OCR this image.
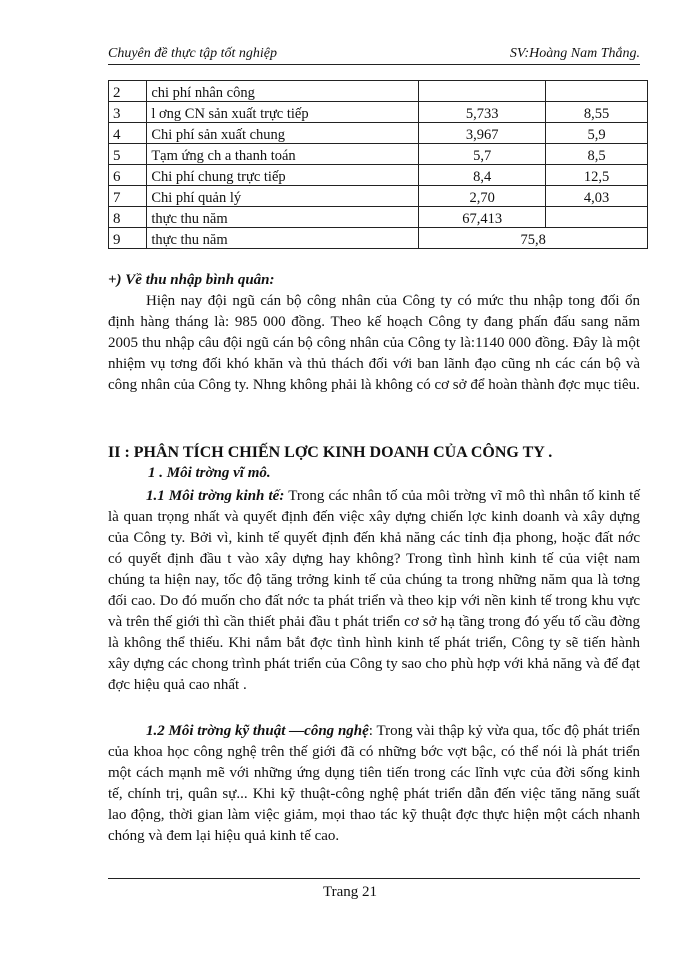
Chuyên đề thực tập tốt nghiệp	SV:Hoàng Nam Thắng.
2	chi phí nhân công		
3	l ơng CN sản xuất trực tiếp	5,733	8,55
4	Chi phí sản xuất chung	3,967	5,9
5	Tạm ứng ch a thanh toán	5,7	8,5
6	Chi phí chung trực tiếp	8,4	12,5
7	Chi phí quản lý	2,70	4,03
8	thực thu năm	67,413	
9	thực thu năm	75,8	
+) Về thu nhập bình quân:
Hiện nay đội ngũ cán bộ công nhân của Công ty có mức thu nhập tong đối ổn định hàng tháng là: 985 000 đồng. Theo kế hoạch Công ty đang phấn đấu sang năm 2005 thu nhập câu đội ngũ cán bộ công nhân của Công ty là:1140 000 đồng. Đây là một nhiệm vụ tơng đối khó khăn và thủ thách đối với ban lãnh đạo cũng nh các cán bộ và công nhân của Công ty. Nhng không phải là không có cơ sở để hoàn thành đợc mục tiêu.
II : PHÂN TÍCH CHIẾN LỢC KINH DOANH CỦA CÔNG TY .
1 . Môi trờng vĩ mô.
1.1 Môi trờng kinh tế: Trong các nhân tố của môi trờng vĩ mô thì nhân tố kinh tế là quan trọng nhất và quyết định đến việc xây dựng chiến lợc kinh doanh và xây dựng của Công ty. Bởi vì, kinh tế quyết định đến khả năng các tỉnh địa phong, hoặc đất nớc có quyết định đầu t vào xây dựng hay không? Trong tình hình kinh tế của việt nam chúng ta hiện nay, tốc độ tăng trởng kinh tế của chúng ta trong những năm qua là tơng đối cao. Do đó muốn cho đất nớc ta phát triển và theo kịp với nền kinh tế trong khu vực và trên thế giới thì cần thiết phải đầu t phát triển cơ sở hạ tầng trong đó yếu tố cầu đờng là không thể thiếu. Khi nắm bắt đợc tình hình kinh tế phát triển, Công ty sẽ tiến hành xây dựng các chong trình phát triển của Công ty sao cho phù hợp với khả năng và để đạt đợc hiệu quả cao nhất .
1.2 Môi trờng kỹ thuật —công nghệ: Trong vài thập kỷ vừa qua, tốc độ phát triển của khoa học công nghệ trên thế giới đã có những bớc vợt bậc, có thể nói là phát triển một cách mạnh mẽ với những ứng dụng tiên tiến trong các lĩnh vực của đời sống kinh tế, chính trị, quân sự... Khi kỹ thuật-công nghệ phát triển dẫn đến việc tăng năng suất lao động, thời gian làm việc giảm, mọi thao tác kỹ thuật đợc thực hiện một cách nhanh chóng và đem lại hiệu quả kinh tế cao.
Trang 21
